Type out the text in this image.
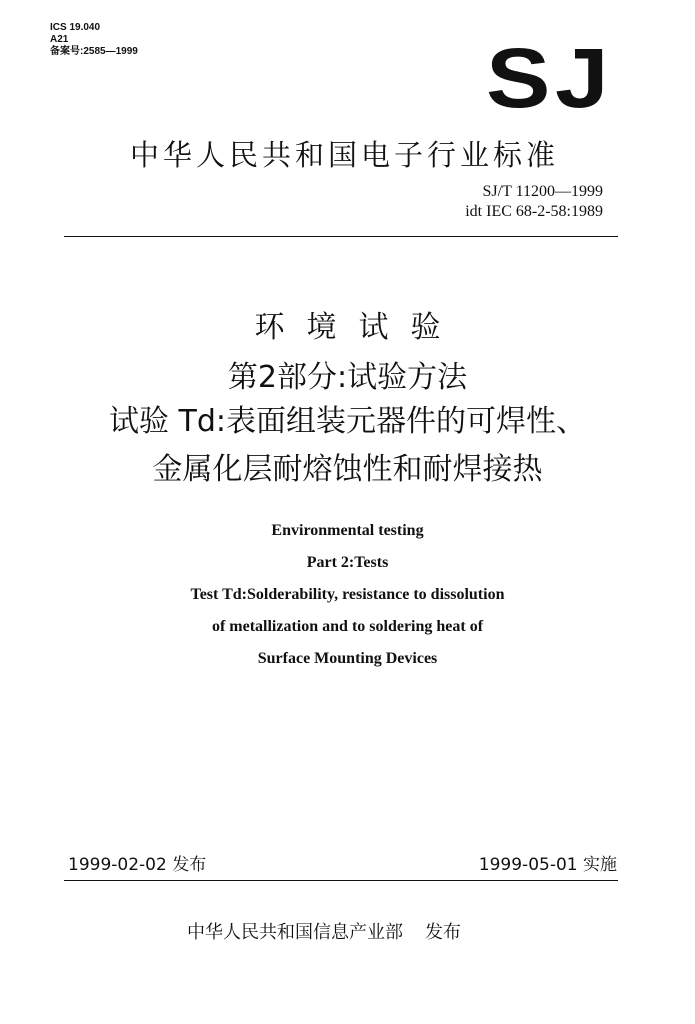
ICS 19.040
A21
备案号:2585—1999	SJ
中华人民共和国电子行业标准
SJ/T 11200—1999
idt IEC 68-2-58:1989
环境试验
第2部分:试验方法
试验 Td:表面组装元器件的可焊性、
金属化层耐熔蚀性和耐焊接热
Environmental testing
Part 2:Tests
Test Td:Solderability, resistance to dissolution
of metallization and to soldering heat of
Surface Mounting Devices
1999-02-02 发布	1999-05-01 实施
中华人民共和国信息产业部 发布
